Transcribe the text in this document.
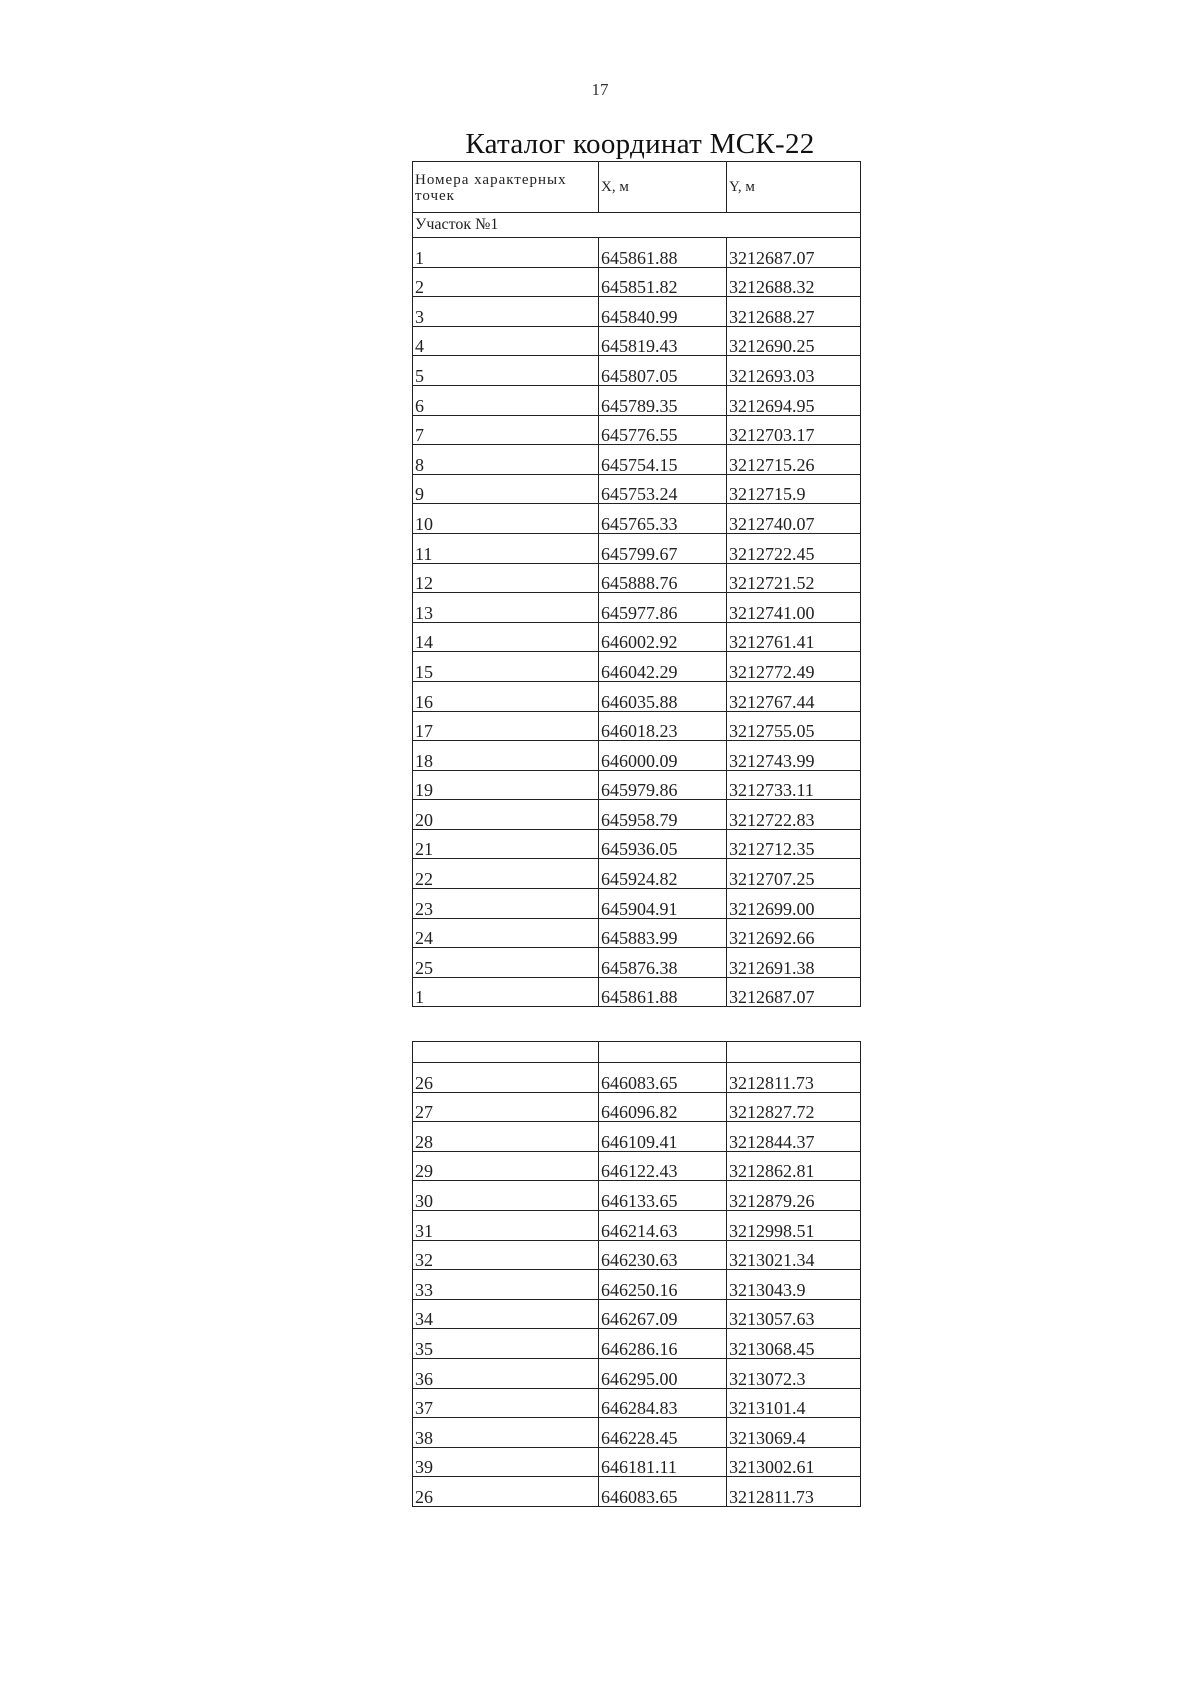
17
Каталог координат МСК-22
Номера характерных точек	X, м	Y, м
Участок №1		
1	645861.88	3212687.07
2	645851.82	3212688.32
3	645840.99	3212688.27
4	645819.43	3212690.25
5	645807.05	3212693.03
6	645789.35	3212694.95
7	645776.55	3212703.17
8	645754.15	3212715.26
9	645753.24	3212715.9
10	645765.33	3212740.07
11	645799.67	3212722.45
12	645888.76	3212721.52
13	645977.86	3212741.00
14	646002.92	3212761.41
15	646042.29	3212772.49
16	646035.88	3212767.44
17	646018.23	3212755.05
18	646000.09	3212743.99
19	645979.86	3212733.11
20	645958.79	3212722.83
21	645936.05	3212712.35
22	645924.82	3212707.25
23	645904.91	3212699.00
24	645883.99	3212692.66
25	645876.38	3212691.38
1	645861.88	3212687.07

26	646083.65	3212811.73
27	646096.82	3212827.72
28	646109.41	3212844.37
29	646122.43	3212862.81
30	646133.65	3212879.26
31	646214.63	3212998.51
32	646230.63	3213021.34
33	646250.16	3213043.9
34	646267.09	3213057.63
35	646286.16	3213068.45
36	646295.00	3213072.3
37	646284.83	3213101.4
38	646228.45	3213069.4
39	646181.11	3213002.61
26	646083.65	3212811.73
